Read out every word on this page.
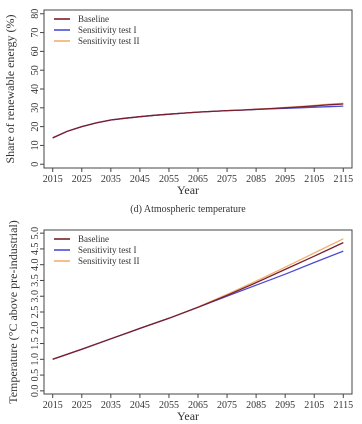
2015 2025 2035 2045 2055 2065 2075 2085 2095 2105 2115
0
10
20
30
40
50
60
70
80
Year
Share of renewable energy (%)	Baseline
Sensitivity test I
Sensitivity test II
(d) Atmospheric temperature
2015 2025 2035 2045 2055 2065 2075 2085 2095 2105 2115
0.0
0.5
1.0
1.5
2.0
2.5
3.0
3.5
4.0
4.5
5.0
Year
Temperature (°C above pre-industrial)	Baseline
Sensitivity test I
Sensitivity test II
